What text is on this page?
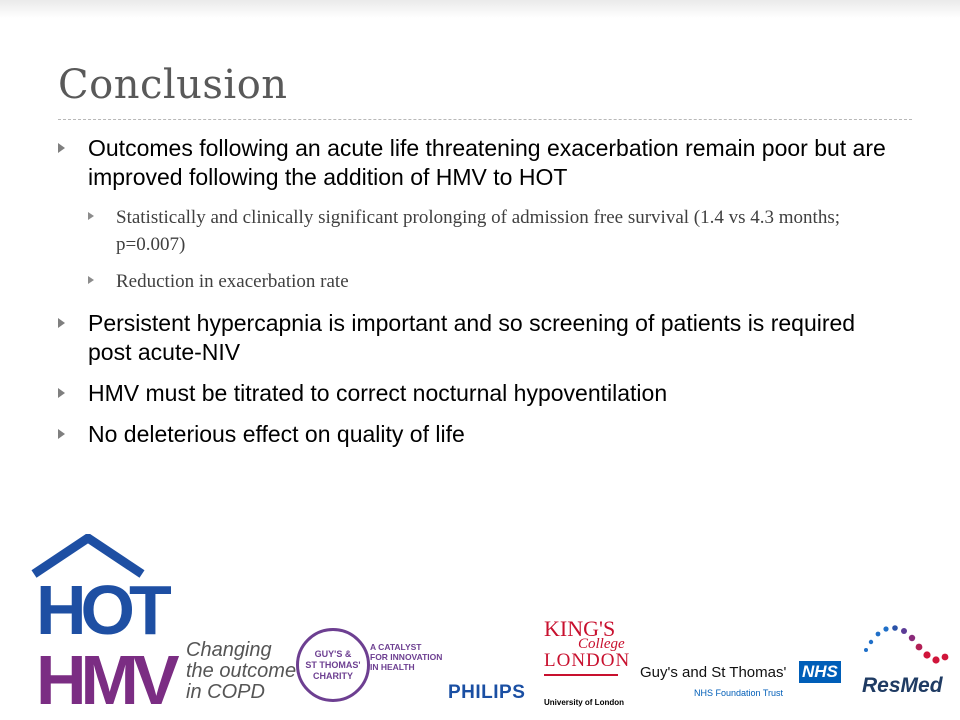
Conclusion
Outcomes following an acute life threatening exacerbation remain poor but are improved following the addition of HMV to HOT
Statistically and clinically significant prolonging of admission free survival (1.4 vs 4.3 months; p=0.007)
Reduction in exacerbation rate
Persistent hypercapnia is important and so screening of patients is required post acute-NIV
HMV must be titrated to correct nocturnal hypoventilation
No deleterious effect on quality of life
HOT
HMV Changing
the outcome
in COPD
GUY'S &
ST THOMAS'
CHARITY
A CATALYST
FOR INNOVATION
IN HEALTH
PHILIPS
KING'S
College
LONDON
University of London
Guy's and St Thomas' NHS
NHS Foundation Trust	ResMed
